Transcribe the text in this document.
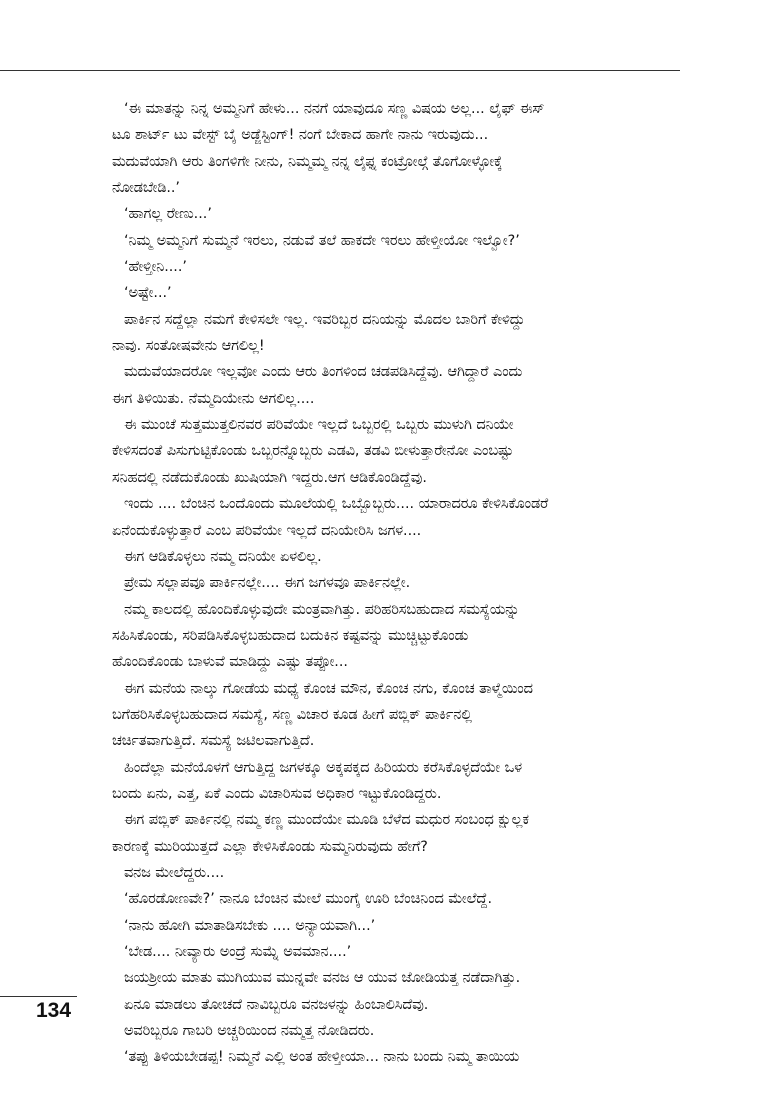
‘ಈ ಮಾತನ್ನು ನಿನ್ನ ಅಮ್ಮನಿಗೆ ಹೇಳು... ನನಗೆ ಯಾವುದೂ ಸಣ್ಣ ವಿಷಯ ಅಲ್ಲ... ಲೈಫ್ ಈಸ್
ಟೂ ಶಾರ್ಟ್ ಟು ವೇಸ್ಟ್ ಬೈ ಅಡ್ಜೆಸ್ಟಿಂಗ್! ನಂಗೆ ಬೇಕಾದ ಹಾಗೇ ನಾನು ಇರುವುದು...
ಮದುವೆಯಾಗಿ ಆರು ತಿಂಗಳಿಗೇ ನೀನು, ನಿಮ್ಮಮ್ಮ ನನ್ನ ಲೈಫ್ನ ಕಂಟ್ರೋಲ್ಗೆ ತೊಗೋಳ್ಳೋಕ್ಕೆ
ನೋಡಬೇಡಿ..’
‘ಹಾಗಲ್ಲ ರೇಣು...’
‘ನಿಮ್ಮ ಅಮ್ಮನಿಗೆ ಸುಮ್ಮನೆ ಇರಲು, ನಡುವೆ ತಲೆ ಹಾಕದೇ ಇರಲು ಹೇಳ್ತೀಯೋ ಇಲ್ವೋ?’
‘ಹೇಳ್ತೀನಿ....’
‘ಅಷ್ಟೇ...’
ಪಾರ್ಕಿನ ಸದ್ದೆಲ್ಲಾ ನಮಗೆ ಕೇಳಿಸಲೇ ಇಲ್ಲ. ಇವರಿಬ್ಬರ ದನಿಯನ್ನು ಮೊದಲ ಬಾರಿಗೆ ಕೇಳಿದ್ದು
ನಾವು. ಸಂತೋಷವೇನು ಆಗಲಿಲ್ಲ!
ಮದುವೆಯಾದರೋ ಇಲ್ಲವೋ ಎಂದು ಆರು ತಿಂಗಳಿಂದ ಚಡಪಡಿಸಿದ್ದೆವು. ಆಗಿದ್ದಾರೆ ಎಂದು
ಈಗ ತಿಳಿಯಿತು. ನೆಮ್ಮದಿಯೇನು ಆಗಲಿಲ್ಲ....
ಈ ಮುಂಚೆ ಸುತ್ತಮುತ್ತಲಿನವರ ಪರಿವೆಯೇ ಇಲ್ಲದೆ ಒಬ್ಬರಲ್ಲಿ ಒಬ್ಬರು ಮುಳುಗಿ ದನಿಯೇ
ಕೇಳಿಸದಂತೆ ಪಿಸುಗುಟ್ಟಿಕೊಂಡು ಒಬ್ಬರನ್ನೊಬ್ಬರು ಎಡವಿ, ತಡವಿ ಬೀಳುತ್ತಾರೇನೋ ಎಂಬಷ್ಟು
ಸನಿಹದಲ್ಲಿ ನಡೆದುಕೊಂಡು ಖುಷಿಯಾಗಿ ಇದ್ದರು.ಆಗ ಆಡಿಕೊಂಡಿದ್ದೆವು.
ಇಂದು .... ಬೆಂಚಿನ ಒಂದೊಂದು ಮೂಲೆಯಲ್ಲಿ ಒಬ್ಬೊಬ್ಬರು.... ಯಾರಾದರೂ ಕೇಳಿಸಿಕೊಂಡರೆ
ಏನೆಂದುಕೊಳ್ಳುತ್ತಾರೆ ಎಂಬ ಪರಿವೆಯೇ ಇಲ್ಲದೆ ದನಿಯೇರಿಸಿ ಜಗಳ....
ಈಗ ಆಡಿಕೊಳ್ಳಲು ನಮ್ಮ ದನಿಯೇ ಏಳಲಿಲ್ಲ.
ಪ್ರೇಮ ಸಲ್ಲಾಪವೂ ಪಾರ್ಕಿನಲ್ಲೇ.... ಈಗ ಜಗಳವೂ ಪಾರ್ಕಿನಲ್ಲೇ.
ನಮ್ಮ ಕಾಲದಲ್ಲಿ ಹೊಂದಿಕೊಳ್ಳುವುದೇ ಮಂತ್ರವಾಗಿತ್ತು. ಪರಿಹರಿಸಬಹುದಾದ ಸಮಸ್ಯೆಯನ್ನು
ಸಹಿಸಿಕೊಂಡು, ಸರಿಪಡಿಸಿಕೊಳ್ಳಬಹುದಾದ ಬದುಕಿನ ಕಷ್ಟವನ್ನು ಮುಚ್ಚಿಟ್ಟುಕೊಂಡು
ಹೊಂದಿಕೊಂಡು ಬಾಳುವೆ ಮಾಡಿದ್ದು ಎಷ್ಟು ತಪ್ಪೋ...
ಈಗ ಮನೆಯ ನಾಲ್ಕು ಗೋಡೆಯ ಮಧ್ಯೆ ಕೊಂಚ ಮೌನ, ಕೊಂಚ ನಗು, ಕೊಂಚ ತಾಳ್ಮೆಯಿಂದ
ಬಗೆಹರಿಸಿಕೊಳ್ಳಬಹುದಾದ ಸಮಸ್ಯೆ, ಸಣ್ಣ ವಿಚಾರ ಕೂಡ ಹೀಗೆ ಪಬ್ಲಿಕ್ ಪಾರ್ಕಿನಲ್ಲಿ
ಚರ್ಚಿತವಾಗುತ್ತಿದೆ. ಸಮಸ್ಯೆ ಜಟಿಲವಾಗುತ್ತಿದೆ.
ಹಿಂದೆಲ್ಲಾ ಮನೆಯೊಳಗೆ ಆಗುತ್ತಿದ್ದ ಜಗಳಕ್ಕೂ ಅಕ್ಕಪಕ್ಕದ ಹಿರಿಯರು ಕರೆಸಿಕೊಳ್ಳದೆಯೇ ಒಳ
ಬಂದು ಏನು, ಎತ್ತ, ಏಕೆ ಎಂದು ವಿಚಾರಿಸುವ ಅಧಿಕಾರ ಇಟ್ಟುಕೊಂಡಿದ್ದರು.
ಈಗ ಪಬ್ಲಿಕ್ ಪಾರ್ಕಿನಲ್ಲಿ ನಮ್ಮ ಕಣ್ಣ ಮುಂದೆಯೇ ಮೂಡಿ ಬೆಳೆದ ಮಧುರ ಸಂಬಂಧ ಕ್ಷುಲ್ಲಕ
ಕಾರಣಕ್ಕೆ ಮುರಿಯುತ್ತದೆ ಎಲ್ಲಾ ಕೇಳಿಸಿಕೊಂಡು ಸುಮ್ಮನಿರುವುದು ಹೇಗೆ?
ವನಜ ಮೇಲೆದ್ದರು....
‘ಹೊರಡೋಣವೇ?’ ನಾನೂ ಬೆಂಚಿನ ಮೇಲೆ ಮುಂಗೈ ಊರಿ ಬೆಂಚಿನಿಂದ ಮೇಲೆದ್ದೆ.
‘ನಾನು ಹೋಗಿ ಮಾತಾಡಿಸಬೇಕು .... ಅನ್ಯಾಯವಾಗಿ...’
‘ಬೇಡ.... ನೀವ್ಯಾರು ಅಂದ್ರೆ ಸುಮ್ನೆ ಅವಮಾನ....’
ಜಯಶ್ರೀಯ ಮಾತು ಮುಗಿಯುವ ಮುನ್ನವೇ ವನಜ ಆ ಯುವ ಜೋಡಿಯತ್ತ ನಡೆದಾಗಿತ್ತು.
ಏನೂ ಮಾಡಲು ತೋಚದೆ ನಾವಿಬ್ಬರೂ ವನಜಳನ್ನು ಹಿಂಬಾಲಿಸಿದೆವು.
ಅವರಿಬ್ಬರೂ ಗಾಬರಿ ಅಚ್ಚರಿಯಿಂದ ನಮ್ಮತ್ತ ನೋಡಿದರು.
‘ತಪ್ಪು ತಿಳಿಯಬೇಡಪ್ಪ! ನಿಮ್ಮನೆ ಎಲ್ಲಿ ಅಂತ ಹೇಳ್ತೀಯಾ... ನಾನು ಬಂದು ನಿಮ್ಮ ತಾಯಿಯ
134
